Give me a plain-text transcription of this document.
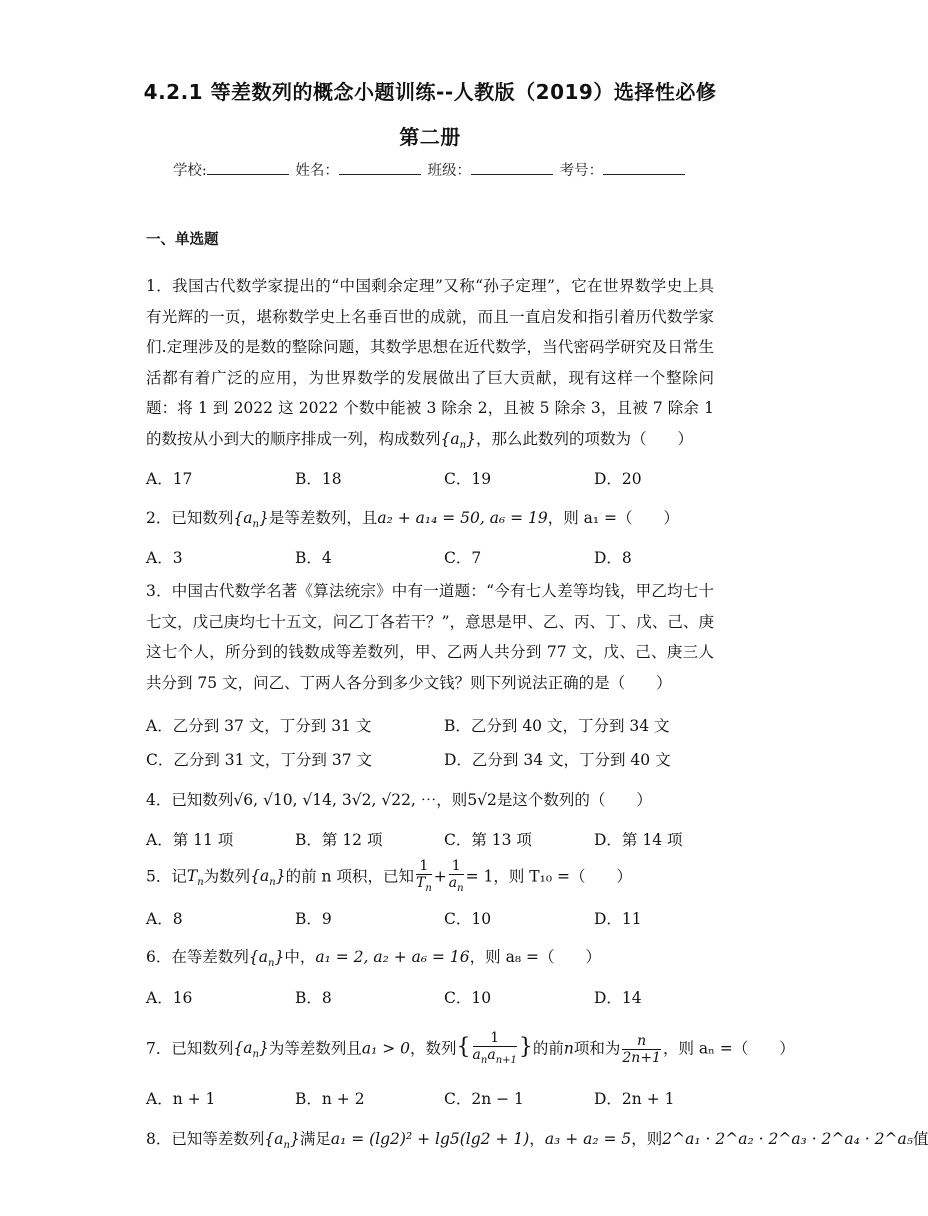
4.2.1 等差数列的概念小题训练--人教版（2019）选择性必修
第二册
学校:	姓名：	班级：	考号：
一、单选题
1．我国古代数学家提出的“中国剩余定理”又称“孙子定理”，它在世界数学史上具有光辉的一页，堪称数学史上名垂百世的成就，而且一直启发和指引着历代数学家们.定理涉及的是数的整除问题，其数学思想在近代数学，当代密码学研究及日常生活都有着广泛的应用，为世界数学的发展做出了巨大贡献，现有这样一个整除问题：将 1 到 2022 这 2022 个数中能被 3 除余 2，且被 5 除余 3，且被 7 除余 1 的数按从小到大的顺序排成一列，构成数列$\{a_n\}$，那么此数列的项数为（　　）
A．17	B．18	C．19	D．20
2．已知数列$\{a_n\}$是等差数列，且a₂ + a₁₄ = 50, a₆ = 19，则 a₁ =（　　）
A．3	B．4	C．7	D．8
3．中国古代数学名著《算法统宗》中有一道题：“今有七人差等均钱，甲乙均七十七文，戊己庚均七十五文，问乙丁各若干？”，意思是甲、乙、丙、丁、戊、己、庚这七个人，所分到的钱数成等差数列，甲、乙两人共分到 77 文，戊、己、庚三人共分到 75 文，问乙、丁两人各分到多少文钱？则下列说法正确的是（　　）
A．乙分到 37 文，丁分到 31 文	B．乙分到 40 文，丁分到 34 文
C．乙分到 31 文，丁分到 37 文	D．乙分到 34 文，丁分到 40 文
4．已知数列√6, √10, √14, 3√2, √22, ⋯，则5√2是这个数列的（　　）
A．第 11 项	B．第 12 项	C．第 13 项	D．第 14 项
5．记$T_n$为数列$\{a_n\}$的前 n 项积，已知 $\frac{1}{T_n} + \frac{1}{a_n} = 1$，则 T₁₀ =（　　）
A．8	B．9	C．10	D．11
6．在等差数列$\{a_n\}$中，a₁ = 2, a₂ + a₆ = 16，则 a₈ =（　　）
A．16	B．8	C．10	D．14
7．已知数列$\{a_n\}$为等差数列且a₁ > 0，数列{ $\frac{1}{a_na_{n+1}}$ }的前n项和为 $\frac{n}{2n+1}$ ，则 aₙ =（　　）
A．n + 1	B．n + 2	C．2n − 1	D．2n + 1
8．已知等差数列$\{a_n\}$满足a₁ = (lg2)² + lg5(lg2 + 1)，a₃ + a₂ = 5，则2^a₁ · 2^a₂ · 2^a₃ · 2^a₄ · 2^a₅值
